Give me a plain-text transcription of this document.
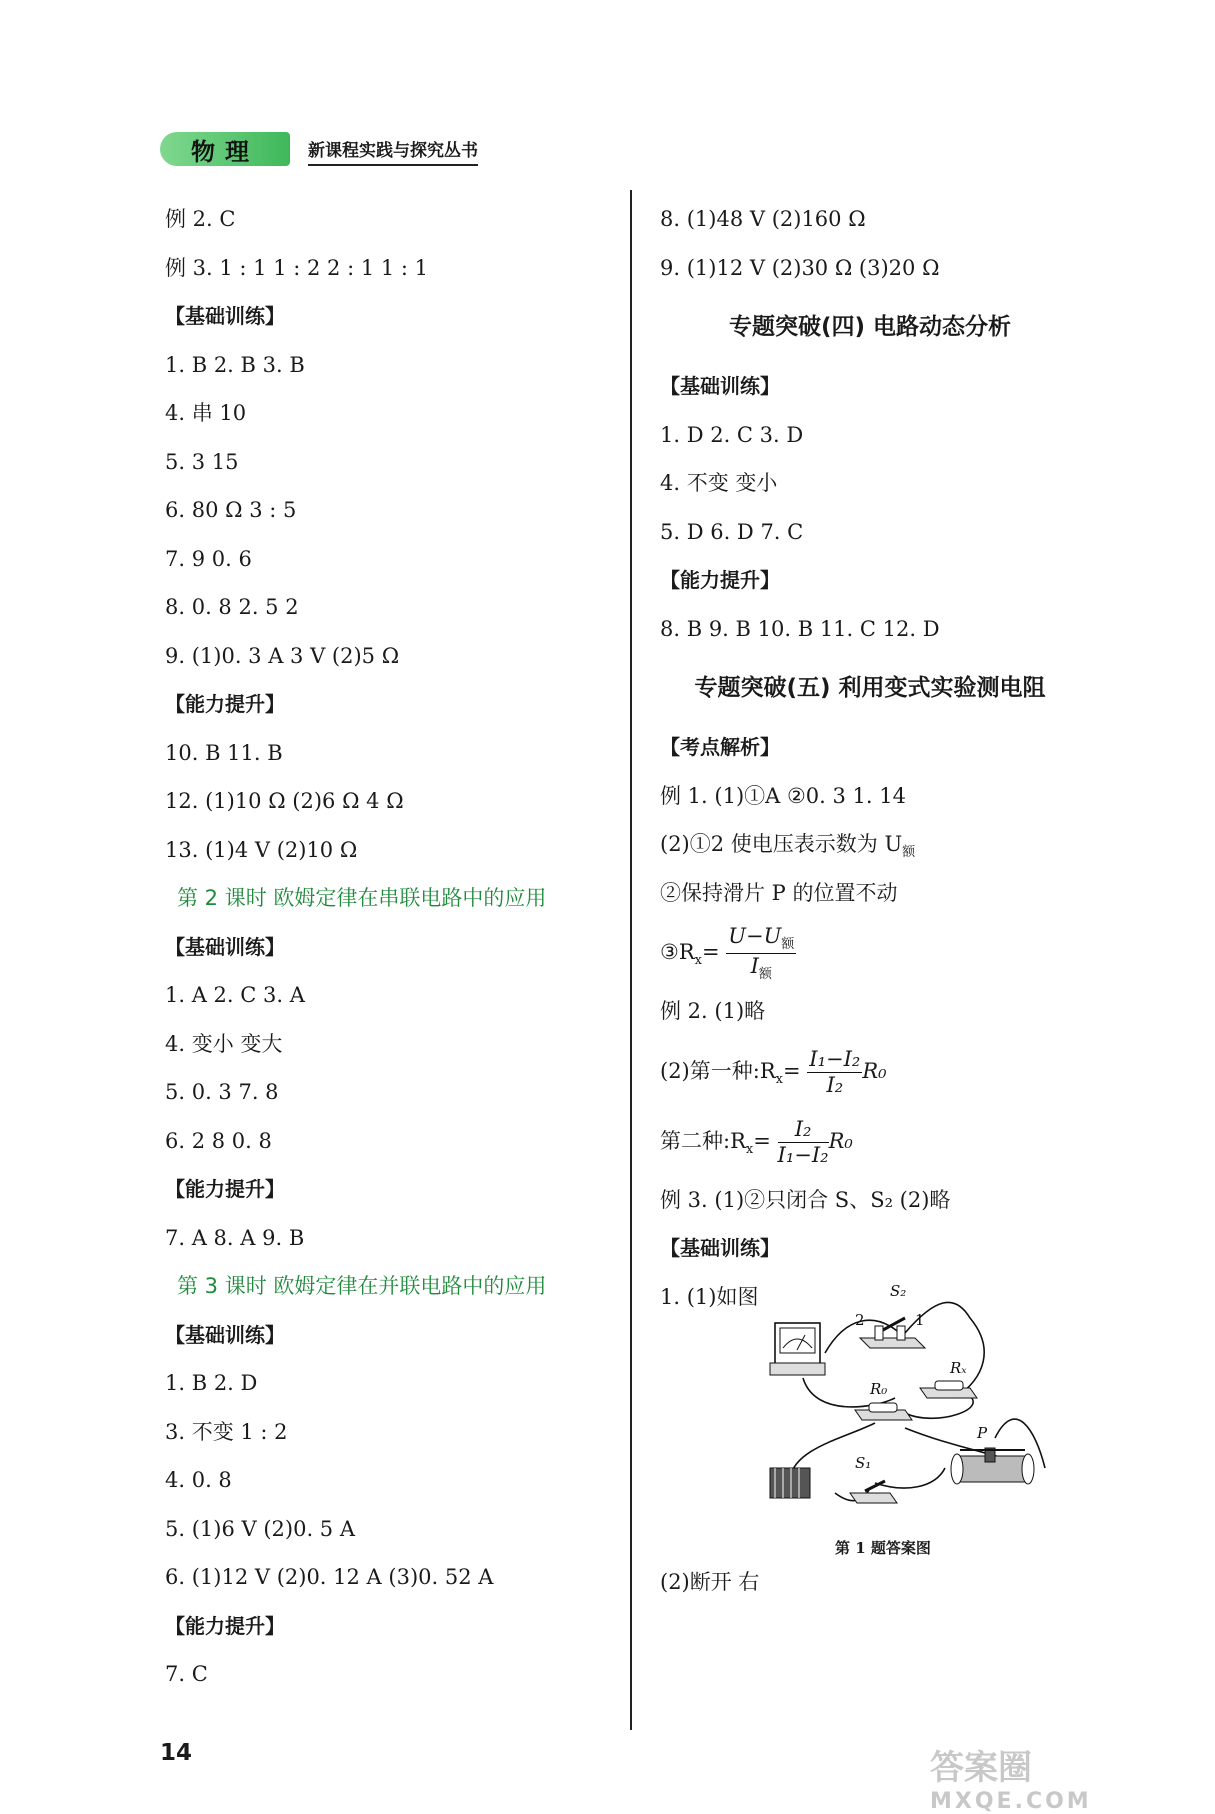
物理	新课程实践与探究丛书
例 2. C
例 3. 1 : 1 1 : 2 2 : 1 1 : 1
【基础训练】
1. B 2. B 3. B
4. 串 10
5. 3 15
6. 80 Ω 3 : 5
7. 9 0. 6
8. 0. 8 2. 5 2
9. (1)0. 3 A 3 V (2)5 Ω
【能力提升】
10. B 11. B
12. (1)10 Ω (2)6 Ω 4 Ω
13. (1)4 V (2)10 Ω
第 2 课时 欧姆定律在串联电路中的应用
【基础训练】
1. A 2. C 3. A
4. 变小 变大
5. 0. 3 7. 8
6. 2 8 0. 8
【能力提升】
7. A 8. A 9. B
第 3 课时 欧姆定律在并联电路中的应用
【基础训练】
1. B 2. D
3. 不变 1 : 2
4. 0. 8
5. (1)6 V (2)0. 5 A
6. (1)12 V (2)0. 12 A (3)0. 52 A
【能力提升】
7. C
8. (1)48 V (2)160 Ω
9. (1)12 V (2)30 Ω (3)20 Ω
专题突破(四) 电路动态分析
【基础训练】
1. D 2. C 3. D
4. 不变 变小
5. D 6. D 7. C
【能力提升】
8. B 9. B 10. B 11. C 12. D
专题突破(五) 利用变式实验测电阻
【考点解析】
例 1. (1)①A ②0. 3 1. 14
(2)①2 使电压表示数为 $U_额$
②保持滑片 P 的位置不动
$③R_x= \frac{U-U_额}{I_额}$
例 2. (1)略
(2)第一种$:R_x= \frac{\text{I₁−I₂}}{\text{I₂}} R_0$
第二种$:R_x= \frac{\text{I₂}}{\text{I₁−I₂}} R_0$
例 3. (1)②只闭合 S、S₂ (2)略
【基础训练】
1. (1)如图	S₂
2	1
Rₓ
R₀
S₁
P
第 1 题答案图
(2)断开 右
14	答案圈
MXQE.COM
